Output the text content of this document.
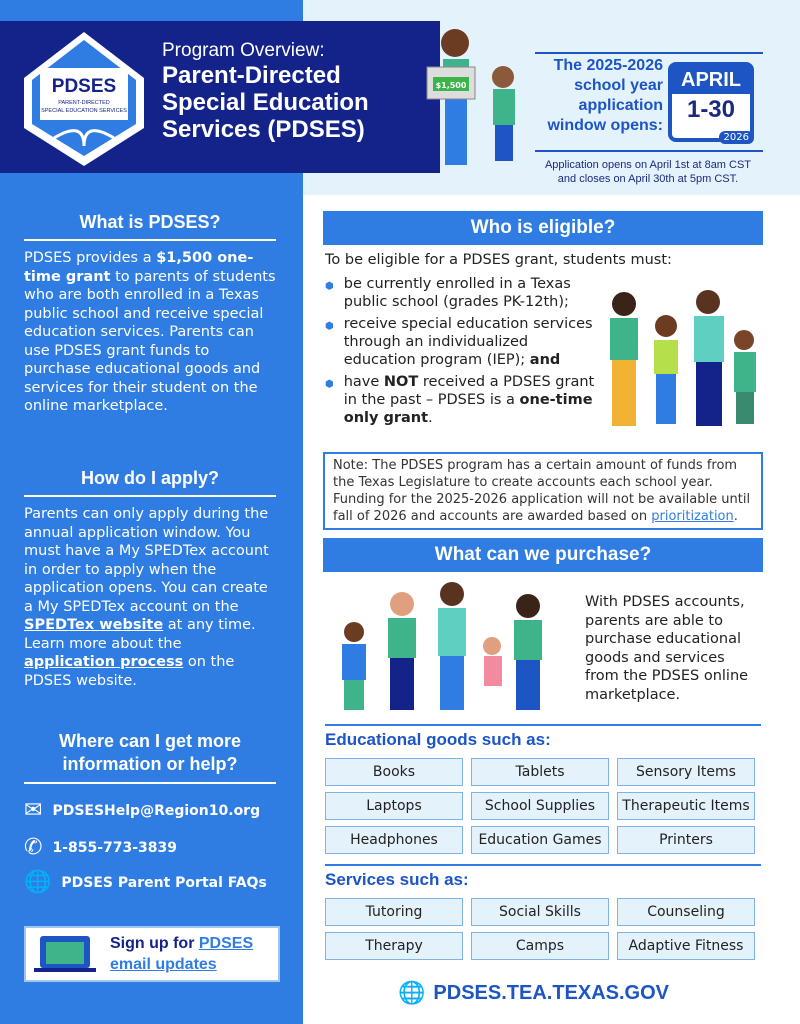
PDSES
PARENT-DIRECTED
SPECIAL EDUCATION SERVICES
Program Overview:
Parent-Directed
Special Education
Services (PDSES)
$1,500
The 2025-2026
school year
application
window opens:
APRIL
1-30
2026
Application opens on April 1st at 8am CST
and closes on April 30th at 5pm CST.
What is PDSES?

PDSES provides a $1,500 one-time grant to parents of students who are both enrolled in a Texas public school and receive special education services. Parents can use PDSES grant funds to purchase educational goods and services for their student on the online marketplace.

How do I apply?

Parents can only apply during the annual application window. You must have a My SPEDTex account in order to apply when the application opens. You can create a My SPEDTex account on the SPEDTex website at any time. Learn more about the application process on the PDSES website.

Where can I get more information or help?
✉ PDSESHelp@Region10.org
✆ 1-855-773-3839
🌐 PDSES Parent Portal FAQs
Sign up for PDSES
email updates
Who is eligible?
To be eligible for a PDSES grant, students must:
⬢ be currently enrolled in a Texas public school (grades PK-12th);
⬢ receive special education services through an individualized education program (IEP); and
⬢ have NOT received a PDSES grant in the past – PDSES is a one-time only grant.
Note: The PDSES program has a certain amount of funds from the Texas Legislature to create accounts each school year. Funding for the 2025-2026 application will not be available until fall of 2026 and accounts are awarded based on prioritization.
What can we purchase?
With PDSES accounts, parents are able to purchase educational goods and services from the PDSES online marketplace.
Educational goods such as:
Books	Tablets	Sensory Items
Laptops	School Supplies	Therapeutic Items
Headphones	Education Games	Printers
Services such as:
Tutoring	Social Skills	Counseling
Therapy	Camps	Adaptive Fitness
🌐 PDSES.TEA.TEXAS.GOV
